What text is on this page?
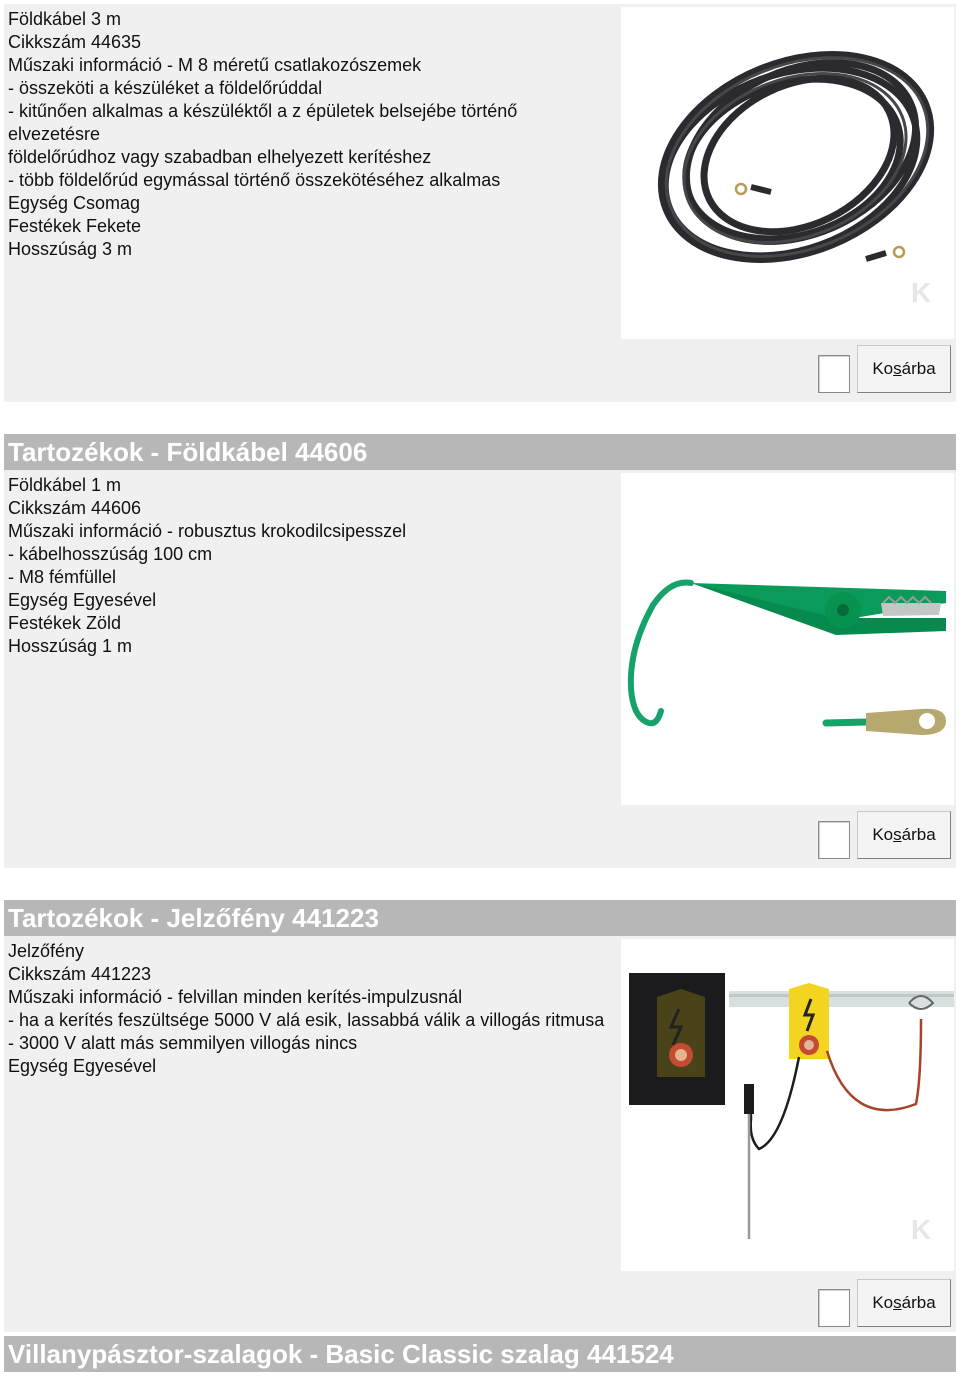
Földkábel 3 m
Cikkszám 44635
Műszaki információ - M 8 méretű csatlakozószemek
- összeköti a készüléket a földelőrúddal
- kitűnően alkalmas a készüléktől a z épületek belsejébe történő elvezetésre
földelőrúdhoz vagy szabadban elhelyezett kerítéshez
- több földelőrúd egymással történő összekötéséhez alkalmas
Egység Csomag
Festékek Fekete
Hosszúság 3 m
K
Ko s árba
Tartozékok - Földkábel 44606
Földkábel 1 m
Cikkszám 44606
Műszaki információ - robusztus krokodilcsipesszel
- kábelhosszúság 100 cm
- M8 fémfüllel
Egység Egyesével
Festékek Zöld
Hosszúság 1 m
Ko s árba
Tartozékok - Jelzőfény 441223
Jelzőfény
Cikkszám 441223
Műszaki információ - felvillan minden kerítés-impulzusnál
- ha a kerítés feszültsége 5000 V alá esik, lassabbá válik a villogás ritmusa
- 3000 V alatt más semmilyen villogás nincs
Egység Egyesével
K
Ko s árba
Villanypásztor-szalagok - Basic Classic szalag 441524
